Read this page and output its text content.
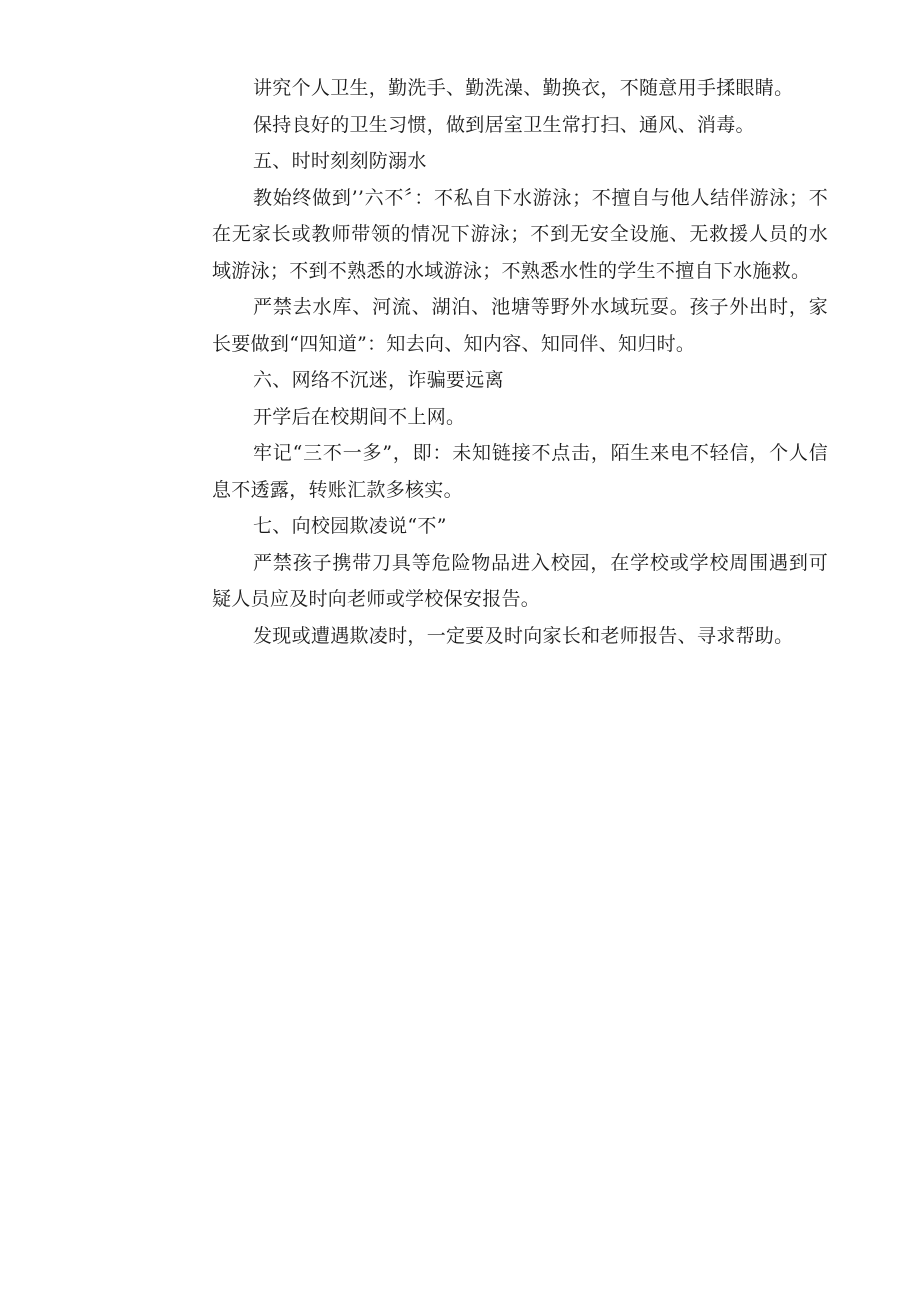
讲究个人卫生，勤洗手、勤洗澡、勤换衣，不随意用手揉眼睛。

保持良好的卫生习惯，做到居室卫生常打扫、通风、消毒。

五、时时刻刻防溺水

教始终做到’’六不〞：不私自下水游泳；不擅自与他人结伴游泳；不在无家长或教师带领的情况下游泳；不到无安全设施、无救援人员的水域游泳；不到不熟悉的水域游泳；不熟悉水性的学生不擅自下水施救。

严禁去水库、河流、湖泊、池塘等野外水域玩耍。孩子外出时，家长要做到“四知道”：知去向、知内容、知同伴、知归时。

六、网络不沉迷，诈骗要远离

开学后在校期间不上网。

牢记“三不一多”，即：未知链接不点击，陌生来电不轻信，个人信息不透露，转账汇款多核实。

七、向校园欺凌说“不”

严禁孩子携带刀具等危险物品进入校园，在学校或学校周围遇到可疑人员应及时向老师或学校保安报告。

发现或遭遇欺凌时，一定要及时向家长和老师报告、寻求帮助。
